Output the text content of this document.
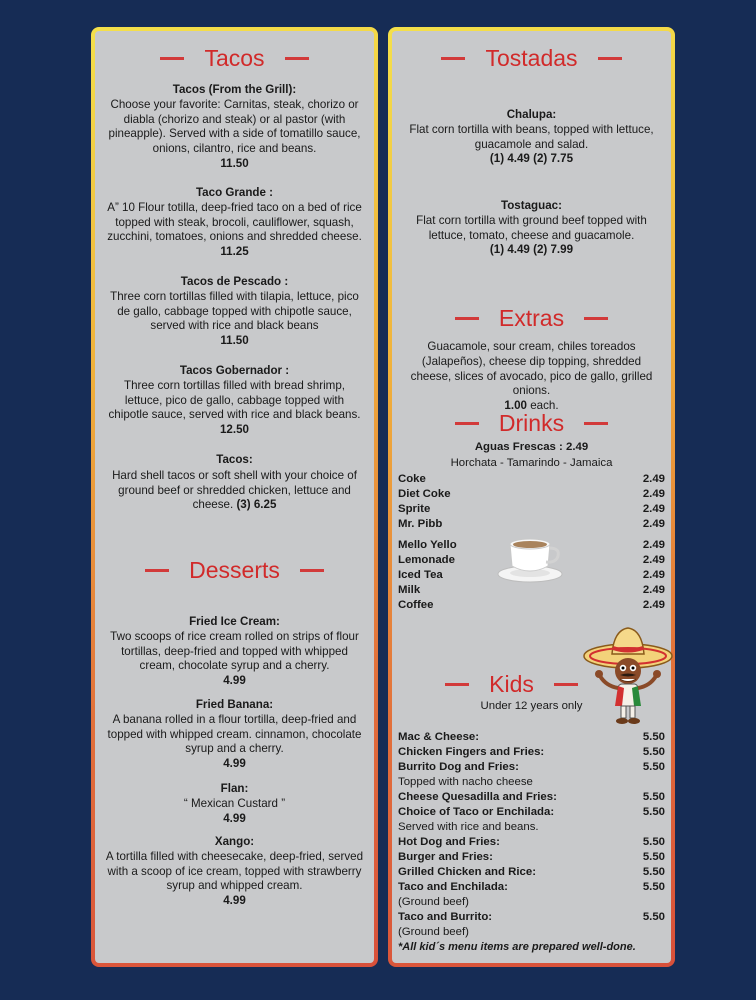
Tacos
Tacos (From the Grill):
Choose your favorite: Carnitas, steak, chorizo or diabla (chorizo and steak) or al pastor (with pineapple). Served with a side of tomatillo sauce, onions, cilantro, rice and beans.
11.50
Taco Grande :
A” 10 Flour totilla, deep-fried taco on a bed of rice topped with steak, brocoli, cauliflower, squash, zucchini, tomatoes, onions and shredded cheese.
11.25
Tacos de Pescado :
Three corn tortillas filled with tilapia, lettuce, pico de gallo, cabbage topped with chipotle sauce, served with rice and black beans
11.50
Tacos Gobernador :
Three corn tortillas filled with bread shrimp, lettuce, pico de gallo, cabbage topped with chipotle sauce, served with rice and black beans.
12.50
Tacos:
Hard shell tacos or soft shell with your choice of ground beef or shredded chicken, lettuce and cheese. (3) 6.25
Desserts
Fried Ice Cream:
Two scoops of rice cream rolled on strips of flour tortillas, deep-fried and topped with whipped cream, chocolate syrup and a cherry.
4.99
Fried Banana:
A banana rolled in a flour tortilla, deep-fried and topped with whipped cream. cinnamon, chocolate syrup and a cherry.
4.99
Flan:
“ Mexican Custard ”
4.99
Xango:
A tortilla filled with cheesecake, deep-fried, served with a scoop of ice cream, topped with strawberry syrup and whipped cream.
4.99
Tostadas
Chalupa:
Flat corn tortilla with beans, topped with lettuce, guacamole and salad.
(1) 4.49 (2) 7.75
Tostaguac:
Flat corn tortilla with ground beef topped with lettuce, tomato, cheese and guacamole.
(1) 4.49 (2) 7.99
Extras
Guacamole, sour cream, chiles toreados (Jalapeños), cheese dip topping, shredded cheese, slices of avocado, pico de gallo, grilled onions.
1.00 each.
Drinks
Aguas Frescas : 2.49
Horchata - Tamarindo - Jamaica
Coke	2.49
Diet Coke	2.49
Sprite	2.49
Mr. Pibb	2.49
Mello Yello	2.49
Lemonade	2.49
Iced Tea	2.49
Milk	2.49
Coffee	2.49
Kids
Under 12 years only
Mac & Cheese:	5.50
Chicken Fingers and Fries:	5.50
Burrito Dog and Fries:	5.50
Topped with nacho cheese
Cheese Quesadilla and Fries:	5.50
Choice of Taco or Enchilada:	5.50
Served with rice and beans.
Hot Dog and Fries:	5.50
Burger and Fries:	5.50
Grilled Chicken and Rice:	5.50
Taco and Enchilada:	5.50
(Ground beef)
Taco and Burrito:	5.50
(Ground beef)
*All kid´s menu items are prepared well-done.
